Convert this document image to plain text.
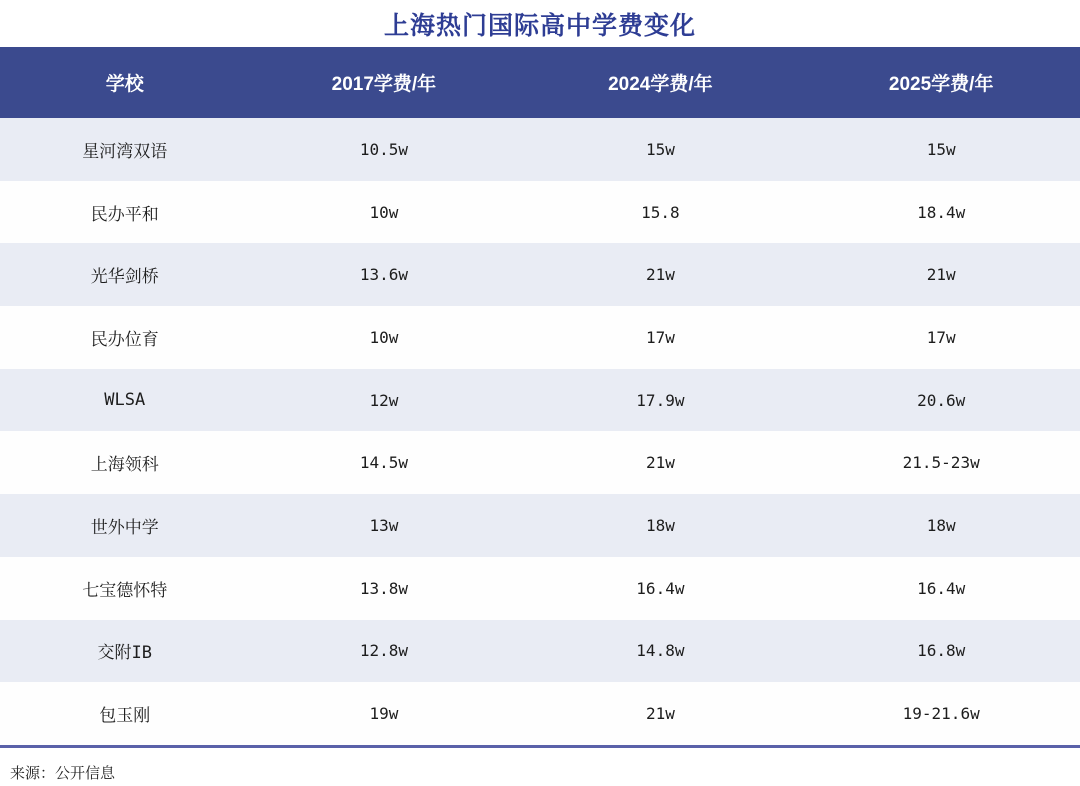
上海热门国际高中学费变化
学校	2017学费/年	2024学费/年	2025学费/年
星河湾双语	10.5w	15w	15w
民办平和	10w	15.8	18.4w
光华剑桥	13.6w	21w	21w
民办位育	10w	17w	17w
WLSA	12w	17.9w	20.6w
上海领科	14.5w	21w	21.5-23w
世外中学	13w	18w	18w
七宝德怀特	13.8w	16.4w	16.4w
交附IB	12.8w	14.8w	16.8w
包玉刚	19w	21w	19-21.6w
来源：公开信息
